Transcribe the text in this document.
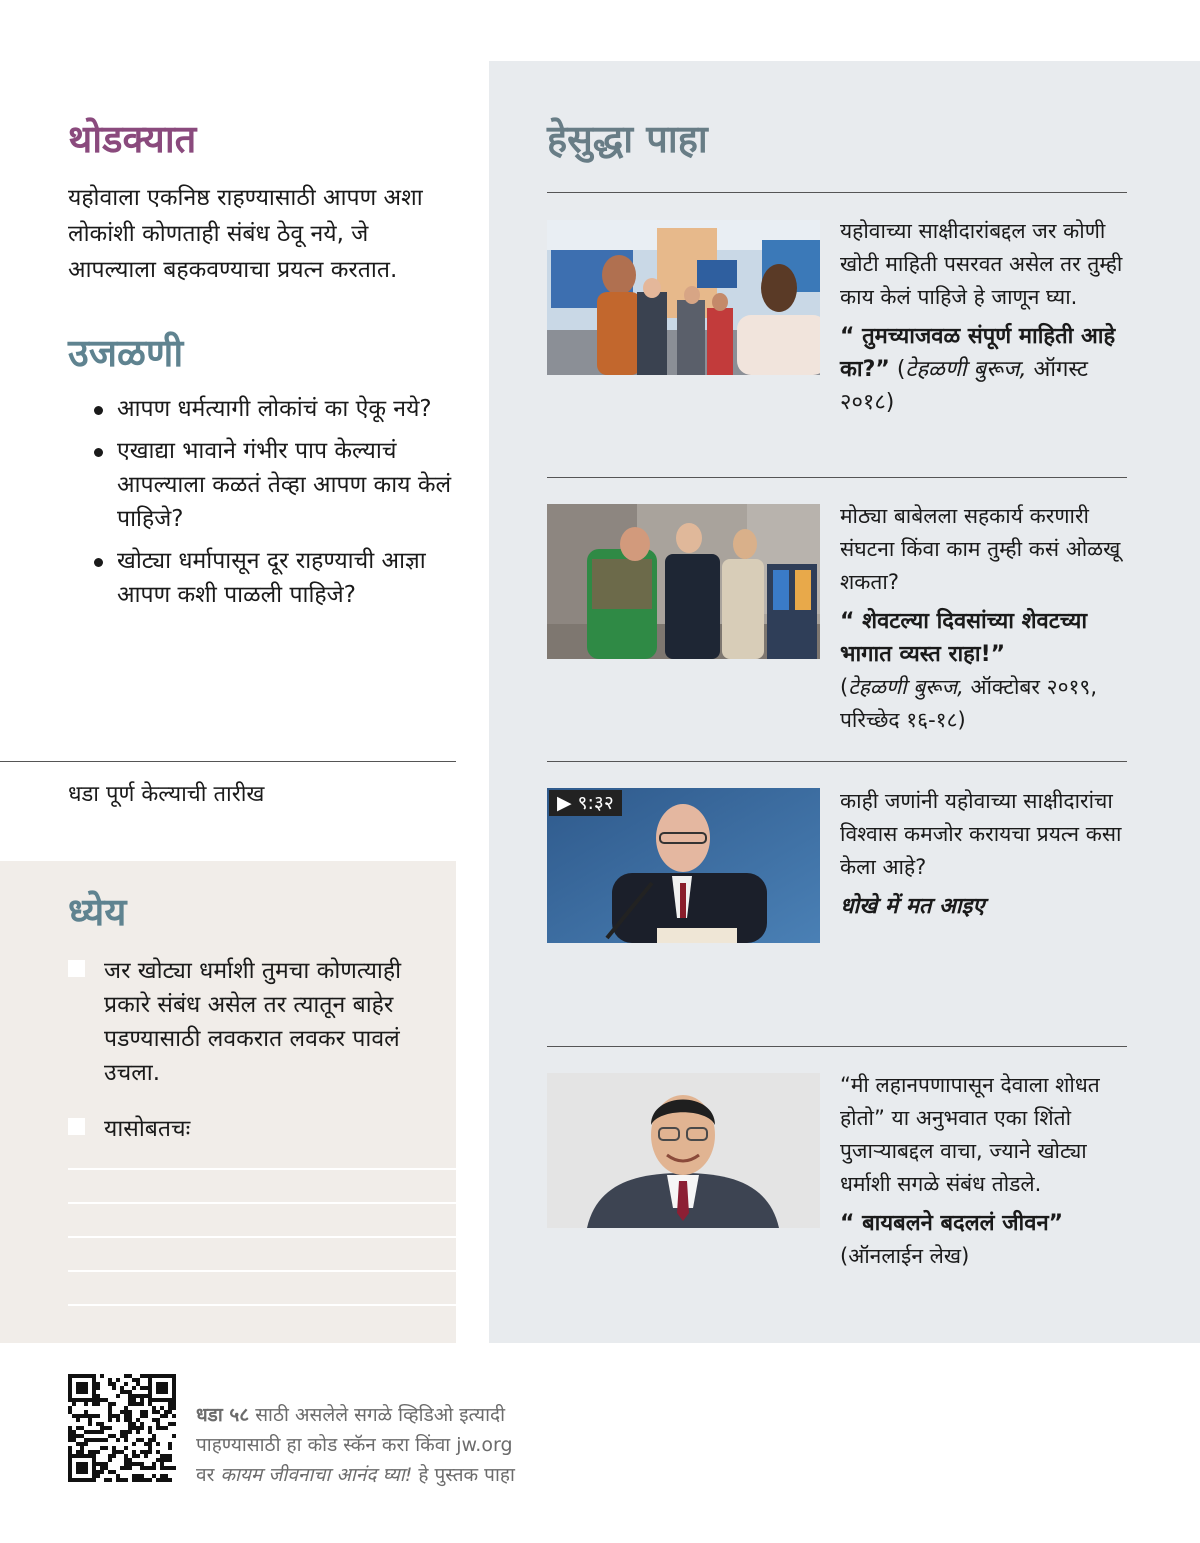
थोडक्यात
यहोवाला एकनिष्ठ राहण्यासाठी आपण अशा लोकांशी कोणताही संबंध ठेवू नये, जे आपल्याला बहकवण्याचा प्रयत्न करतात.
उजळणी
आपण धर्मत्यागी लोकांचं का ऐकू नये?
एखाद्या भावाने गंभीर पाप केल्याचं आपल्याला कळतं तेव्हा आपण काय केलं पाहिजे?
खोट्या धर्मापासून दूर राहण्याची आज्ञा आपण कशी पाळली पाहिजे?
धडा पूर्ण केल्याची तारीख
ध्येय
जर खोट्या धर्माशी तुमचा कोणत्याही प्रकारे संबंध असेल तर त्यातून बाहेर पडण्यासाठी लवकरात लवकर पावलं उचला.
यासोबतचः
हेसुद्धा पाहा

यहोवाच्या साक्षीदारांबद्दल जर कोणी खोटी माहिती पसरवत असेल तर तुम्ही काय केलं पाहिजे हे जाणून घ्या.

“ तुमच्याजवळ संपूर्ण माहिती आहे का?” (टेहळणी बुरूज, ऑगस्ट २०१८)

मोठ्या बाबेलला सहकार्य करणारी संघटना किंवा काम तुम्ही कसं ओळखू शकता?

“ शेवटल्या दिवसांच्या शेवटच्या भागात व्यस्त राहा!”

(टेहळणी बुरूज, ऑक्टोबर २०१९, परिच्छेद १६-१८)

▶ ९:३२	काही जणांनी यहोवाच्या साक्षीदारांचा विश्वास कमजोर करायचा प्रयत्न कसा केला आहे?

धोखे में मत आइए

“मी लहानपणापासून देवाला शोधत होतो” या अनुभवात एका शिंतो पुजाऱ्याबद्दल वाचा, ज्याने खोट्या धर्माशी सगळे संबंध तोडले.

“ बायबलने बदललं जीवन”

(ऑनलाईन लेख)

धडा ५८ साठी असलेले सगळे व्हिडिओ इत्यादी
पाहण्यासाठी हा कोड स्कॅन करा किंवा jw.org
वर कायम जीवनाचा आनंद घ्या! हे पुस्तक पाहा
